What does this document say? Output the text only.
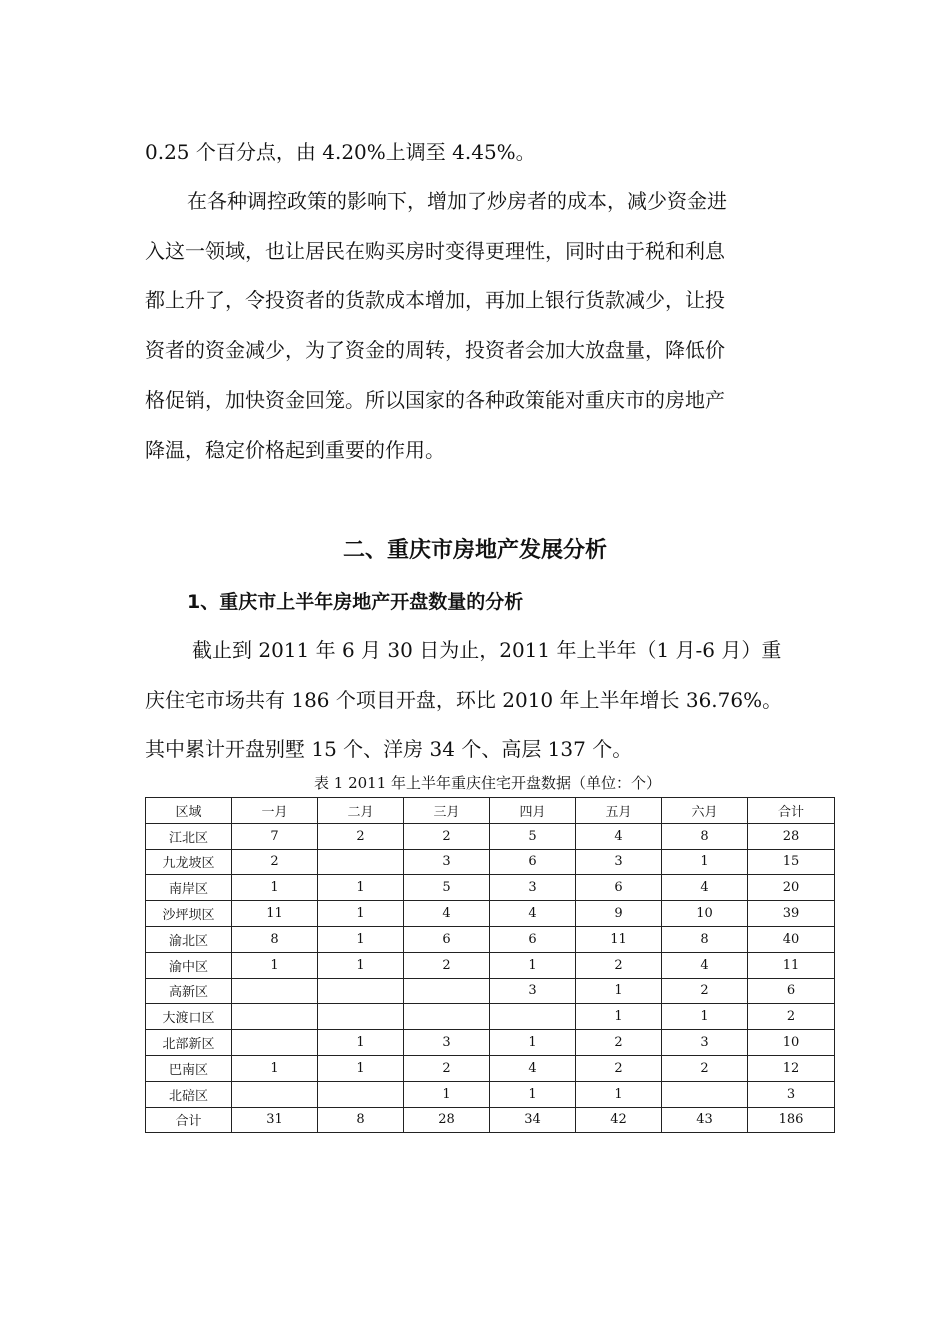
0.25 个百分点，由 4.20%上调至 4.45%。
在各种调控政策的影响下，增加了炒房者的成本，减少资金进
入这一领域，也让居民在购买房时变得更理性，同时由于税和利息
都上升了，令投资者的货款成本增加，再加上银行货款减少，让投
资者的资金减少，为了资金的周转，投资者会加大放盘量，降低价
格促销，加快资金回笼。所以国家的各种政策能对重庆市的房地产
降温，稳定价格起到重要的作用。
二、重庆市房地产发展分析
1、重庆市上半年房地产开盘数量的分析
截止到 2011 年 6 月 30 日为止，2011 年上半年（1 月-6 月）重
庆住宅市场共有 186 个项目开盘，环比 2010 年上半年增长 36.76%。
其中累计开盘别墅 15 个、洋房 34 个、高层 137 个。
表 1 2011 年上半年重庆住宅开盘数据（单位：个）
区域	一月	二月	三月	四月	五月	六月	合计
江北区	7	2	2	5	4	8	28
九龙坡区	2		3	6	3	1	15
南岸区	1	1	5	3	6	4	20
沙坪坝区	11	1	4	4	9	10	39
渝北区	8	1	6	6	11	8	40
渝中区	1	1	2	1	2	4	11
高新区				3	1	2	6
大渡口区					1	1	2
北部新区		1	3	1	2	3	10
巴南区	1	1	2	4	2	2	12
北碚区			1	1	1		3
合计	31	8	28	34	42	43	186
